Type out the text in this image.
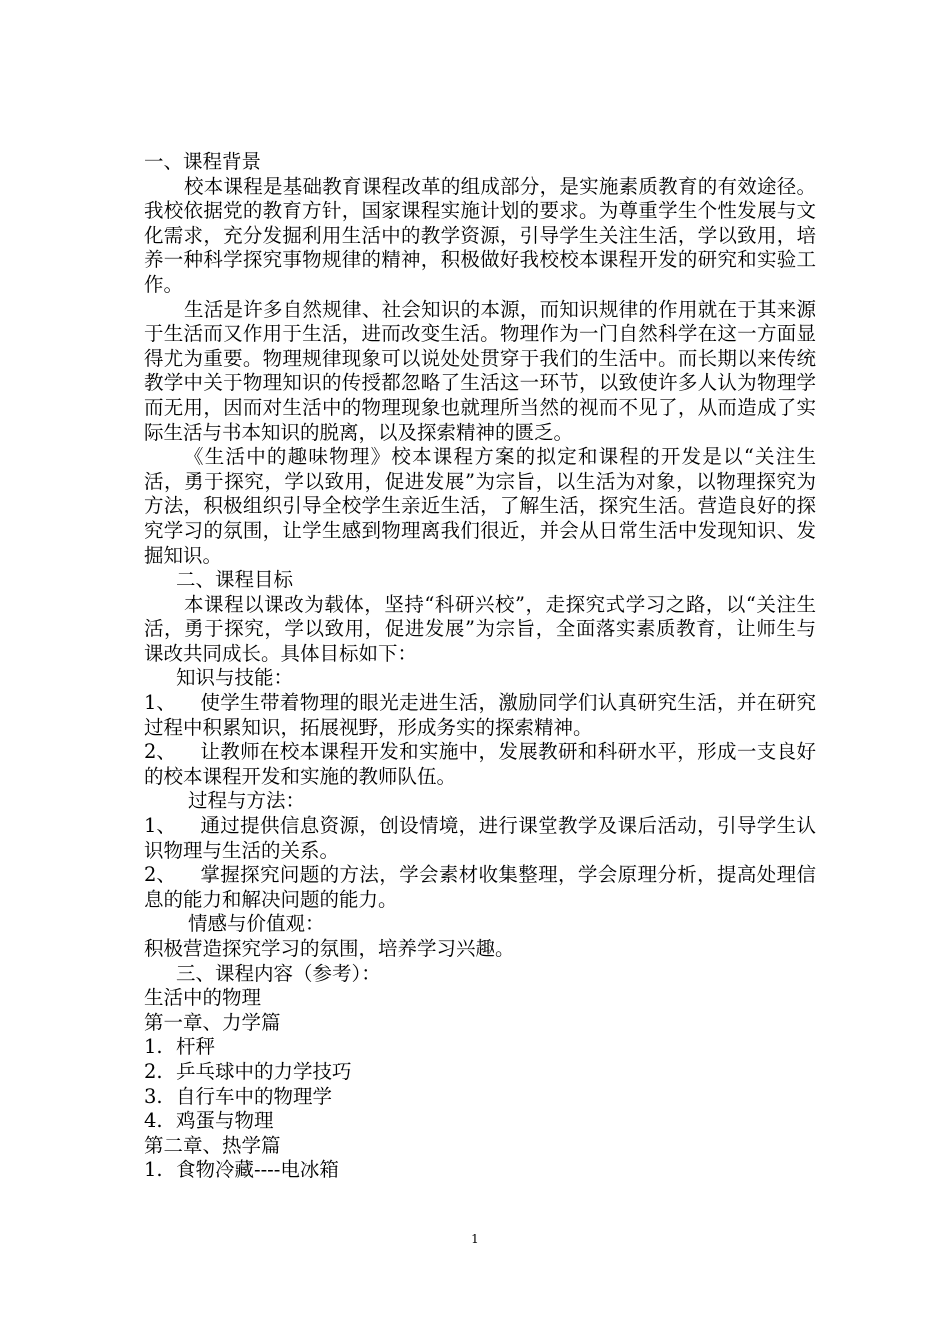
一、课程背景

校本课程是基础教育课程改革的组成部分，是实施素质教育的有效途径。我校依据党的教育方针，国家课程实施计划的要求。为尊重学生个性发展与文化需求，充分发掘利用生活中的教学资源，引导学生关注生活，学以致用，培养一种科学探究事物规律的精神，积极做好我校校本课程开发的研究和实验工作。

生活是许多自然规律、社会知识的本源，而知识规律的作用就在于其来源于生活而又作用于生活，进而改变生活。物理作为一门自然科学在这一方面显得尤为重要。物理规律现象可以说处处贯穿于我们的生活中。而长期以来传统教学中关于物理知识的传授都忽略了生活这一环节，以致使许多人认为物理学而无用，因而对生活中的物理现象也就理所当然的视而不见了，从而造成了实际生活与书本知识的脱离，以及探索精神的匮乏。

《生活中的趣味物理》校本课程方案的拟定和课程的开发是以“关注生活，勇于探究，学以致用，促进发展”为宗旨，以生活为对象，以物理探究为方法，积极组织引导全校学生亲近生活，了解生活，探究生活。营造良好的探究学习的氛围，让学生感到物理离我们很近，并会从日常生活中发现知识、发掘知识。

二、课程目标

本课程以课改为载体，坚持“科研兴校”，走探究式学习之路，以“关注生活，勇于探究，学以致用，促进发展”为宗旨，全面落实素质教育，让师生与课改共同成长。具体目标如下：

知识与技能：

1、 使学生带着物理的眼光走进生活，激励同学们认真研究生活，并在研究过程中积累知识，拓展视野，形成务实的探索精神。

2、 让教师在校本课程开发和实施中，发展教研和科研水平，形成一支良好的校本课程开发和实施的教师队伍。

过程与方法：

1、 通过提供信息资源，创设情境，进行课堂教学及课后活动，引导学生认识物理与生活的关系。

2、 掌握探究问题的方法，学会素材收集整理，学会原理分析，提高处理信息的能力和解决问题的能力。

情感与价值观：

积极营造探究学习的氛围，培养学习兴趣。

三、课程内容（参考）：

生活中的物理

第一章、力学篇

1. 杆秤

2. 乒乓球中的力学技巧

3. 自行车中的物理学

4. 鸡蛋与物理

第二章、热学篇

1. 食物冷藏----电冰箱

1
